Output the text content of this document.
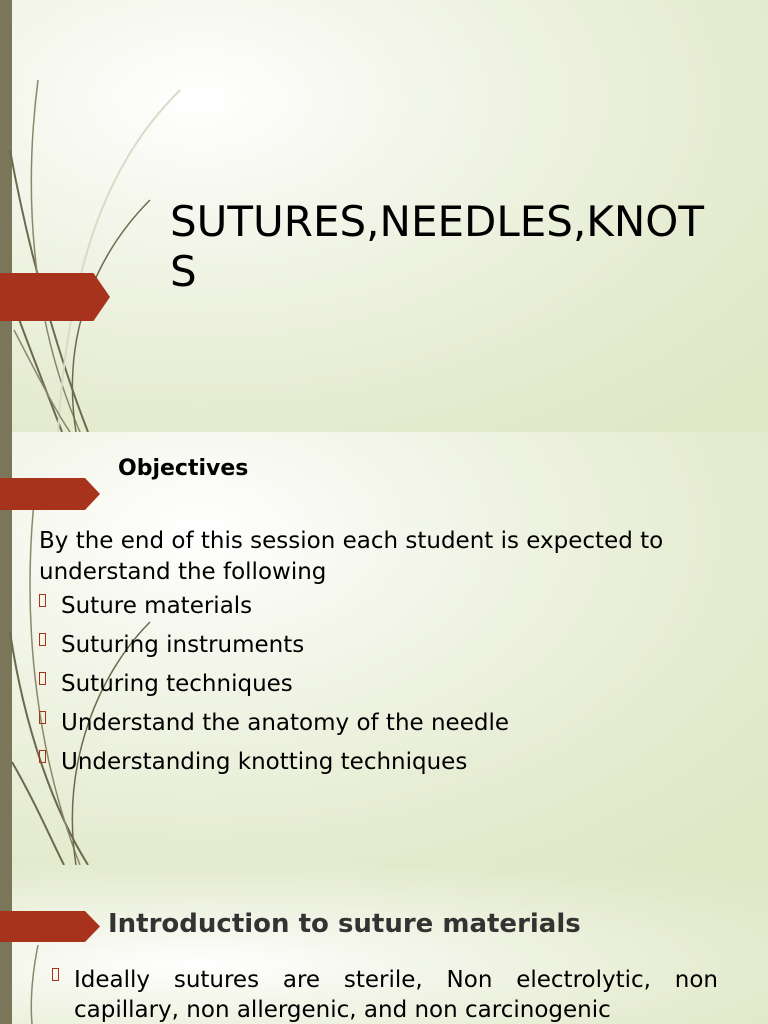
SUTURES,NEEDLES,KNOTS
Objectives

By the end of this session each student is expected to understand the following

Suture materials
Suturing instruments
Suturing techniques
Understand the anatomy of the needle
Understanding knotting techniques
Introduction to suture materials
Ideally sutures are sterile, Non electrolytic, non capillary, non allergenic, and non carcinogenic
